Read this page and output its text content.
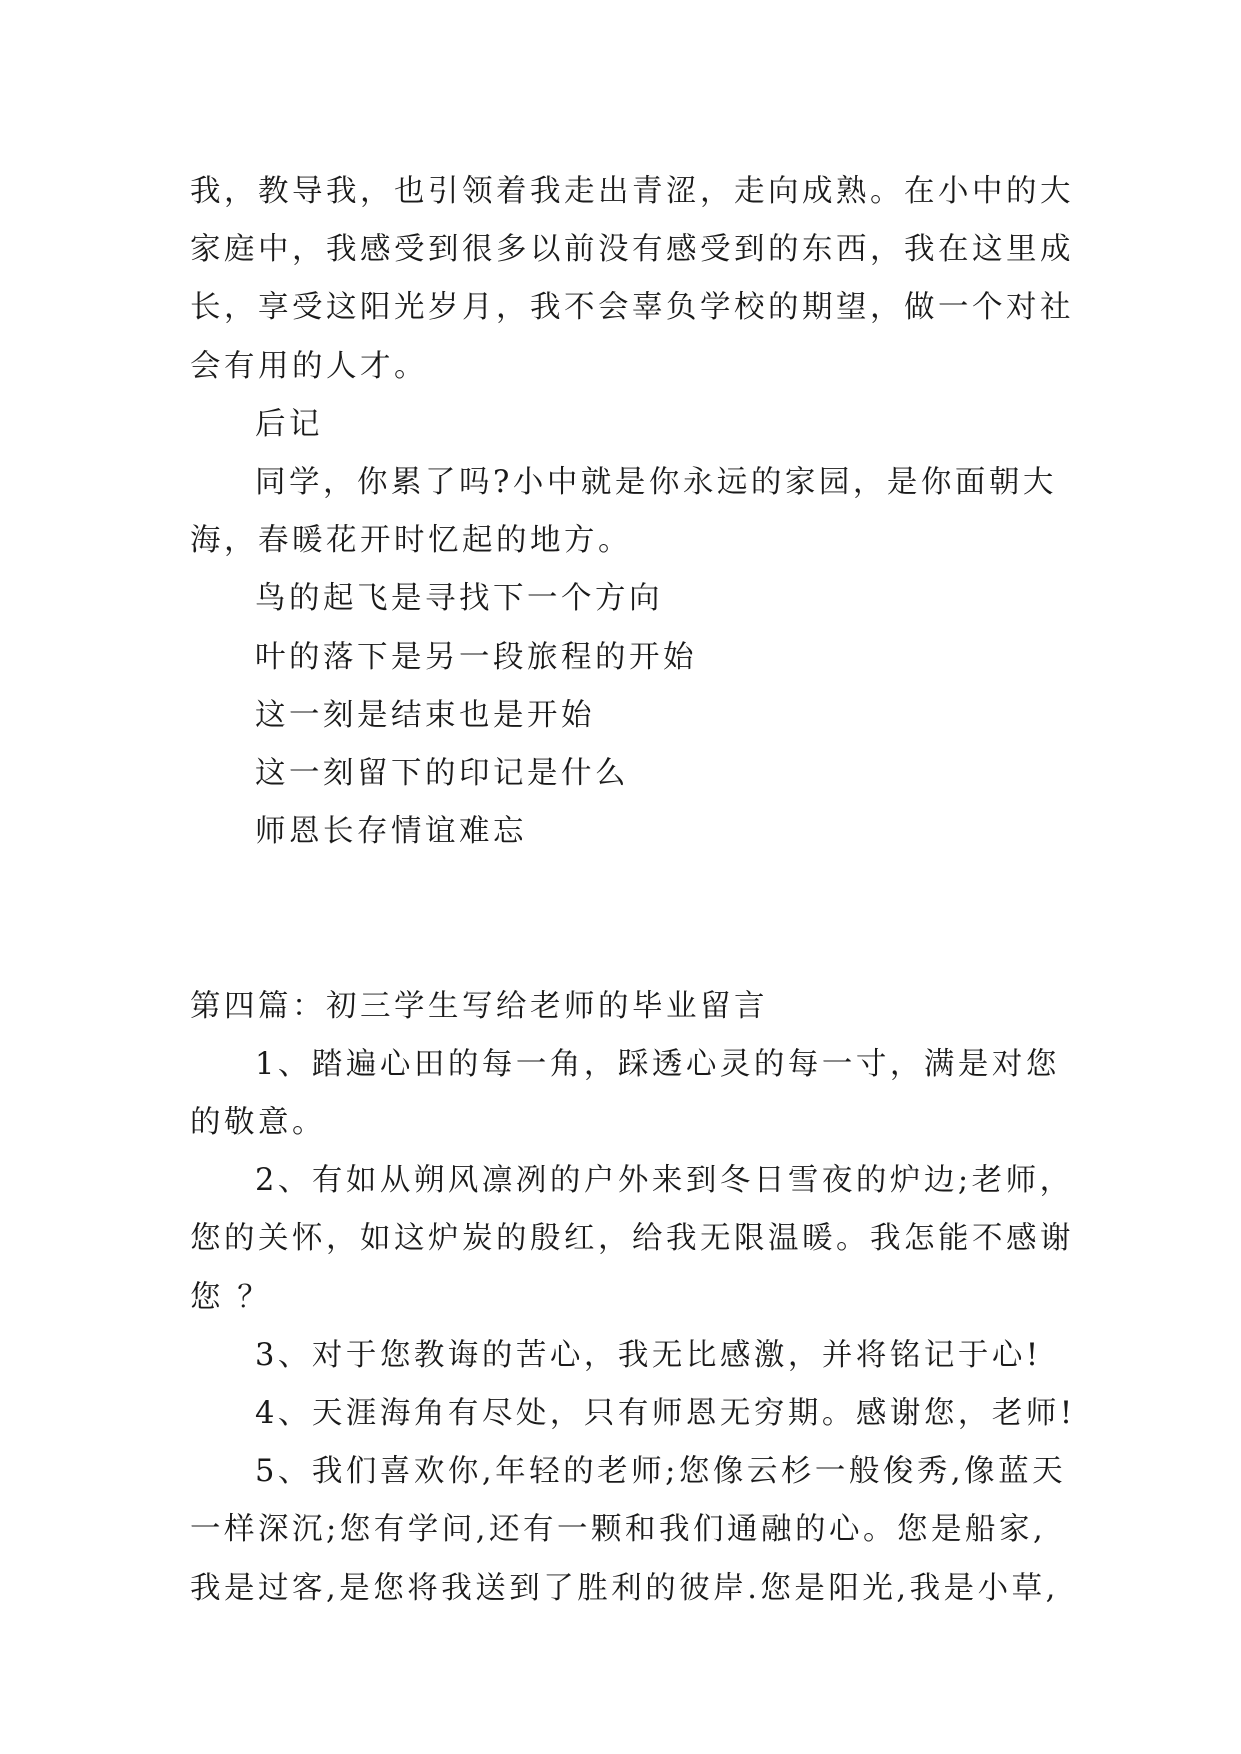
我，教导我，也引领着我走出青涩，走向成熟。在小中的大

家庭中，我感受到很多以前没有感受到的东西，我在这里成

长，享受这阳光岁月，我不会辜负学校的期望，做一个对社

会有用的人才。

后记

同学，你累了吗?小中就是你永远的家园，是你面朝大

海，春暖花开时忆起的地方。

鸟的起飞是寻找下一个方向

叶的落下是另一段旅程的开始

这一刻是结束也是开始

这一刻留下的印记是什么

师恩长存情谊难忘

第四篇：初三学生写给老师的毕业留言

1、踏遍心田的每一角，踩透心灵的每一寸，满是对您

的敬意。

2、有如从朔风凛冽的户外来到冬日雪夜的炉边;老师，

您的关怀，如这炉炭的殷红，给我无限温暖。我怎能不感谢

您 ？

3、对于您教诲的苦心，我无比感激，并将铭记于心!

4、天涯海角有尽处，只有师恩无穷期。感谢您，老师!

5、我们喜欢你,年轻的老师;您像云杉一般俊秀,像蓝天

一样深沉;您有学问,还有一颗和我们通融的心。您是船家,

我是过客,是您将我送到了胜利的彼岸.您是阳光,我是小草,
